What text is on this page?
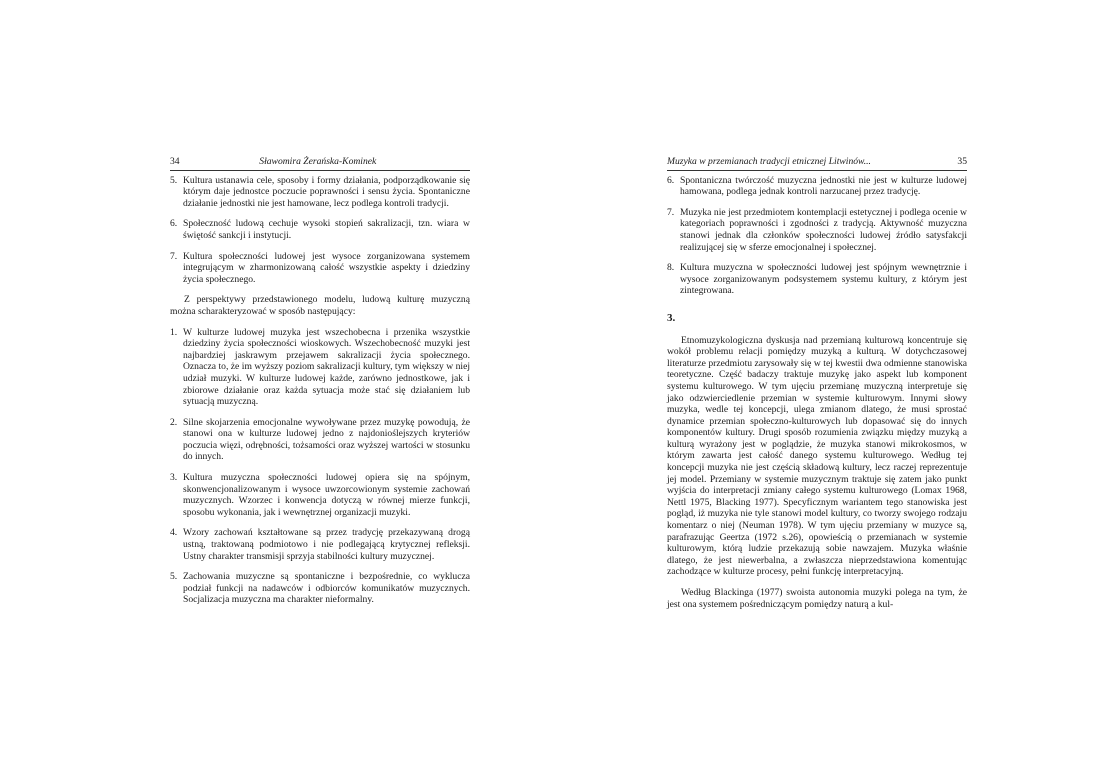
34	Sławomira Żerańska-Kominek
5. Kultura ustanawia cele, sposoby i formy działania, podporządkowanie się którym daje jednostce poczucie poprawności i sensu życia. Spontaniczne działanie jednostki nie jest hamowane, lecz podlega kontroli tradycji.
6. Społeczność ludową cechuje wysoki stopień sakralizacji, tzn. wiara w świętość sankcji i instytucji.
7. Kultura społeczności ludowej jest wysoce zorganizowana systemem integrującym w zharmonizowaną całość wszystkie aspekty i dziedziny życia społecznego.
Z perspektywy przedstawionego modelu, ludową kulturę muzyczną można scharakteryzować w sposób następujący:
1. W kulturze ludowej muzyka jest wszechobecna i przenika wszystkie dziedziny życia społeczności wioskowych. Wszechobecność muzyki jest najbardziej jaskrawym przejawem sakralizacji życia społecznego. Oznacza to, że im wyższy poziom sakralizacji kultury, tym większy w niej udział muzyki. W kulturze ludowej każde, zarówno jednostkowe, jak i zbiorowe działanie oraz każda sytuacja może stać się działaniem lub sytuacją muzyczną.
2. Silne skojarzenia emocjonalne wywoływane przez muzykę powodują, że stanowi ona w kulturze ludowej jedno z najdonioślejszych kryteriów poczucia więzi, odrębności, tożsamości oraz wyższej wartości w stosunku do innych.
3. Kultura muzyczna społeczności ludowej opiera się na spójnym, skonwencjonalizowanym i wysoce uwzorcowionym systemie zachowań muzycznych. Wzorzec i konwencja dotyczą w równej mierze funkcji, sposobu wykonania, jak i wewnętrznej organizacji muzyki.
4. Wzory zachowań kształtowane są przez tradycję przekazywaną drogą ustną, traktowaną podmiotowo i nie podlegającą krytycznej refleksji. Ustny charakter transmisji sprzyja stabilności kultury muzycznej.
5. Zachowania muzyczne są spontaniczne i bezpośrednie, co wyklucza podział funkcji na nadawców i odbiorców komunikatów muzycznych. Socjalizacja muzyczna ma charakter nieformalny.
Muzyka w przemianach tradycji etnicznej Litwinów...	35
6. Spontaniczna twórczość muzyczna jednostki nie jest w kulturze ludowej hamowana, podlega jednak kontroli narzucanej przez tradycję.
7. Muzyka nie jest przedmiotem kontemplacji estetycznej i podlega ocenie w kategoriach poprawności i zgodności z tradycją. Aktywność muzyczna stanowi jednak dla członków społeczności ludowej źródło satysfakcji realizującej się w sferze emocjonalnej i społecznej.
8. Kultura muzyczna w społeczności ludowej jest spójnym wewnętrznie i wysoce zorganizowanym podsystemem systemu kultury, z którym jest zintegrowana.
3.
Etnomuzykologiczna dyskusja nad przemianą kulturową koncentruje się wokół problemu relacji pomiędzy muzyką a kulturą. W dotychczasowej literaturze przedmiotu zarysowały się w tej kwestii dwa odmienne stanowiska teoretyczne. Część badaczy traktuje muzykę jako aspekt lub komponent systemu kulturowego. W tym ujęciu przemianę muzyczną interpretuje się jako odzwierciedlenie przemian w systemie kulturowym. Innymi słowy muzyka, wedle tej koncepcji, ulega zmianom dlatego, że musi sprostać dynamice przemian społeczno-kulturowych lub dopasować się do innych komponentów kultury. Drugi sposób rozumienia związku między muzyką a kulturą wyrażony jest w poglądzie, że muzyka stanowi mikrokosmos, w którym zawarta jest całość danego systemu kulturowego. Według tej koncepcji muzyka nie jest częścią składową kultury, lecz raczej reprezentuje jej model. Przemiany w systemie muzycznym traktuje się zatem jako punkt wyjścia do interpretacji zmiany całego systemu kulturowego (Lomax 1968, Nettl 1975, Blacking 1977). Specyficznym wariantem tego stanowiska jest pogląd, iż muzyka nie tyle stanowi model kultury, co tworzy swojego rodzaju komentarz o niej (Neuman 1978). W tym ujęciu przemiany w muzyce są, parafrazując Geertza (1972 s.26), opowieścią o przemianach w systemie kulturowym, którą ludzie przekazują sobie nawzajem. Muzyka właśnie dlatego, że jest niewerbalna, a zwłaszcza nieprzedstawiona komentując zachodzące w kulturze procesy, pełni funkcję interpretacyjną.
Według Blackinga (1977) swoista autonomia muzyki polega na tym, że jest ona systemem pośredniczącym pomiędzy naturą a kul-
